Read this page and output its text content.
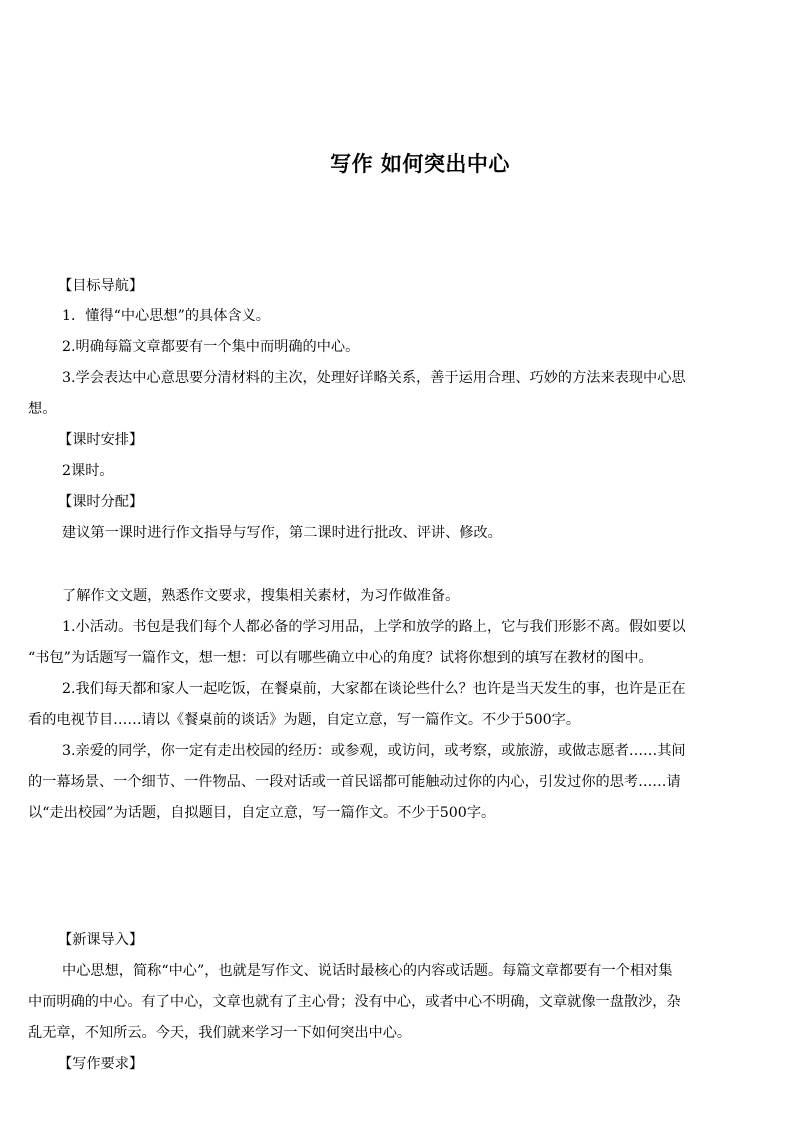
写作 如何突出中心
【目标导航】
1．懂得“中心思想”的具体含义。
2.明确每篇文章都要有一个集中而明确的中心。
3.学会表达中心意思要分清材料的主次，处理好详略关系，善于运用合理、巧妙的方法来表现中心思
想。
【课时安排】
2课时。
【课时分配】
建议第一课时进行作文指导与写作，第二课时进行批改、评讲、修改。
了解作文文题，熟悉作文要求，搜集相关素材，为习作做准备。
1.小活动。书包是我们每个人都必备的学习用品，上学和放学的路上，它与我们形影不离。假如要以
“书包”为话题写一篇作文，想一想：可以有哪些确立中心的角度？试将你想到的填写在教材的图中。
2.我们每天都和家人一起吃饭，在餐桌前，大家都在谈论些什么？也许是当天发生的事，也许是正在
看的电视节目……请以《餐桌前的谈话》为题，自定立意，写一篇作文。不少于500字。
3.亲爱的同学，你一定有走出校园的经历：或参观，或访问，或考察，或旅游，或做志愿者……其间
的一幕场景、一个细节、一件物品、一段对话或一首民谣都可能触动过你的内心，引发过你的思考……请
以“走出校园”为话题，自拟题目，自定立意，写一篇作文。不少于500字。
【新课导入】
中心思想，简称“中心”，也就是写作文、说话时最核心的内容或话题。每篇文章都要有一个相对集
中而明确的中心。有了中心，文章也就有了主心骨；没有中心，或者中心不明确，文章就像一盘散沙，杂
乱无章，不知所云。今天，我们就来学习一下如何突出中心。
【写作要求】
